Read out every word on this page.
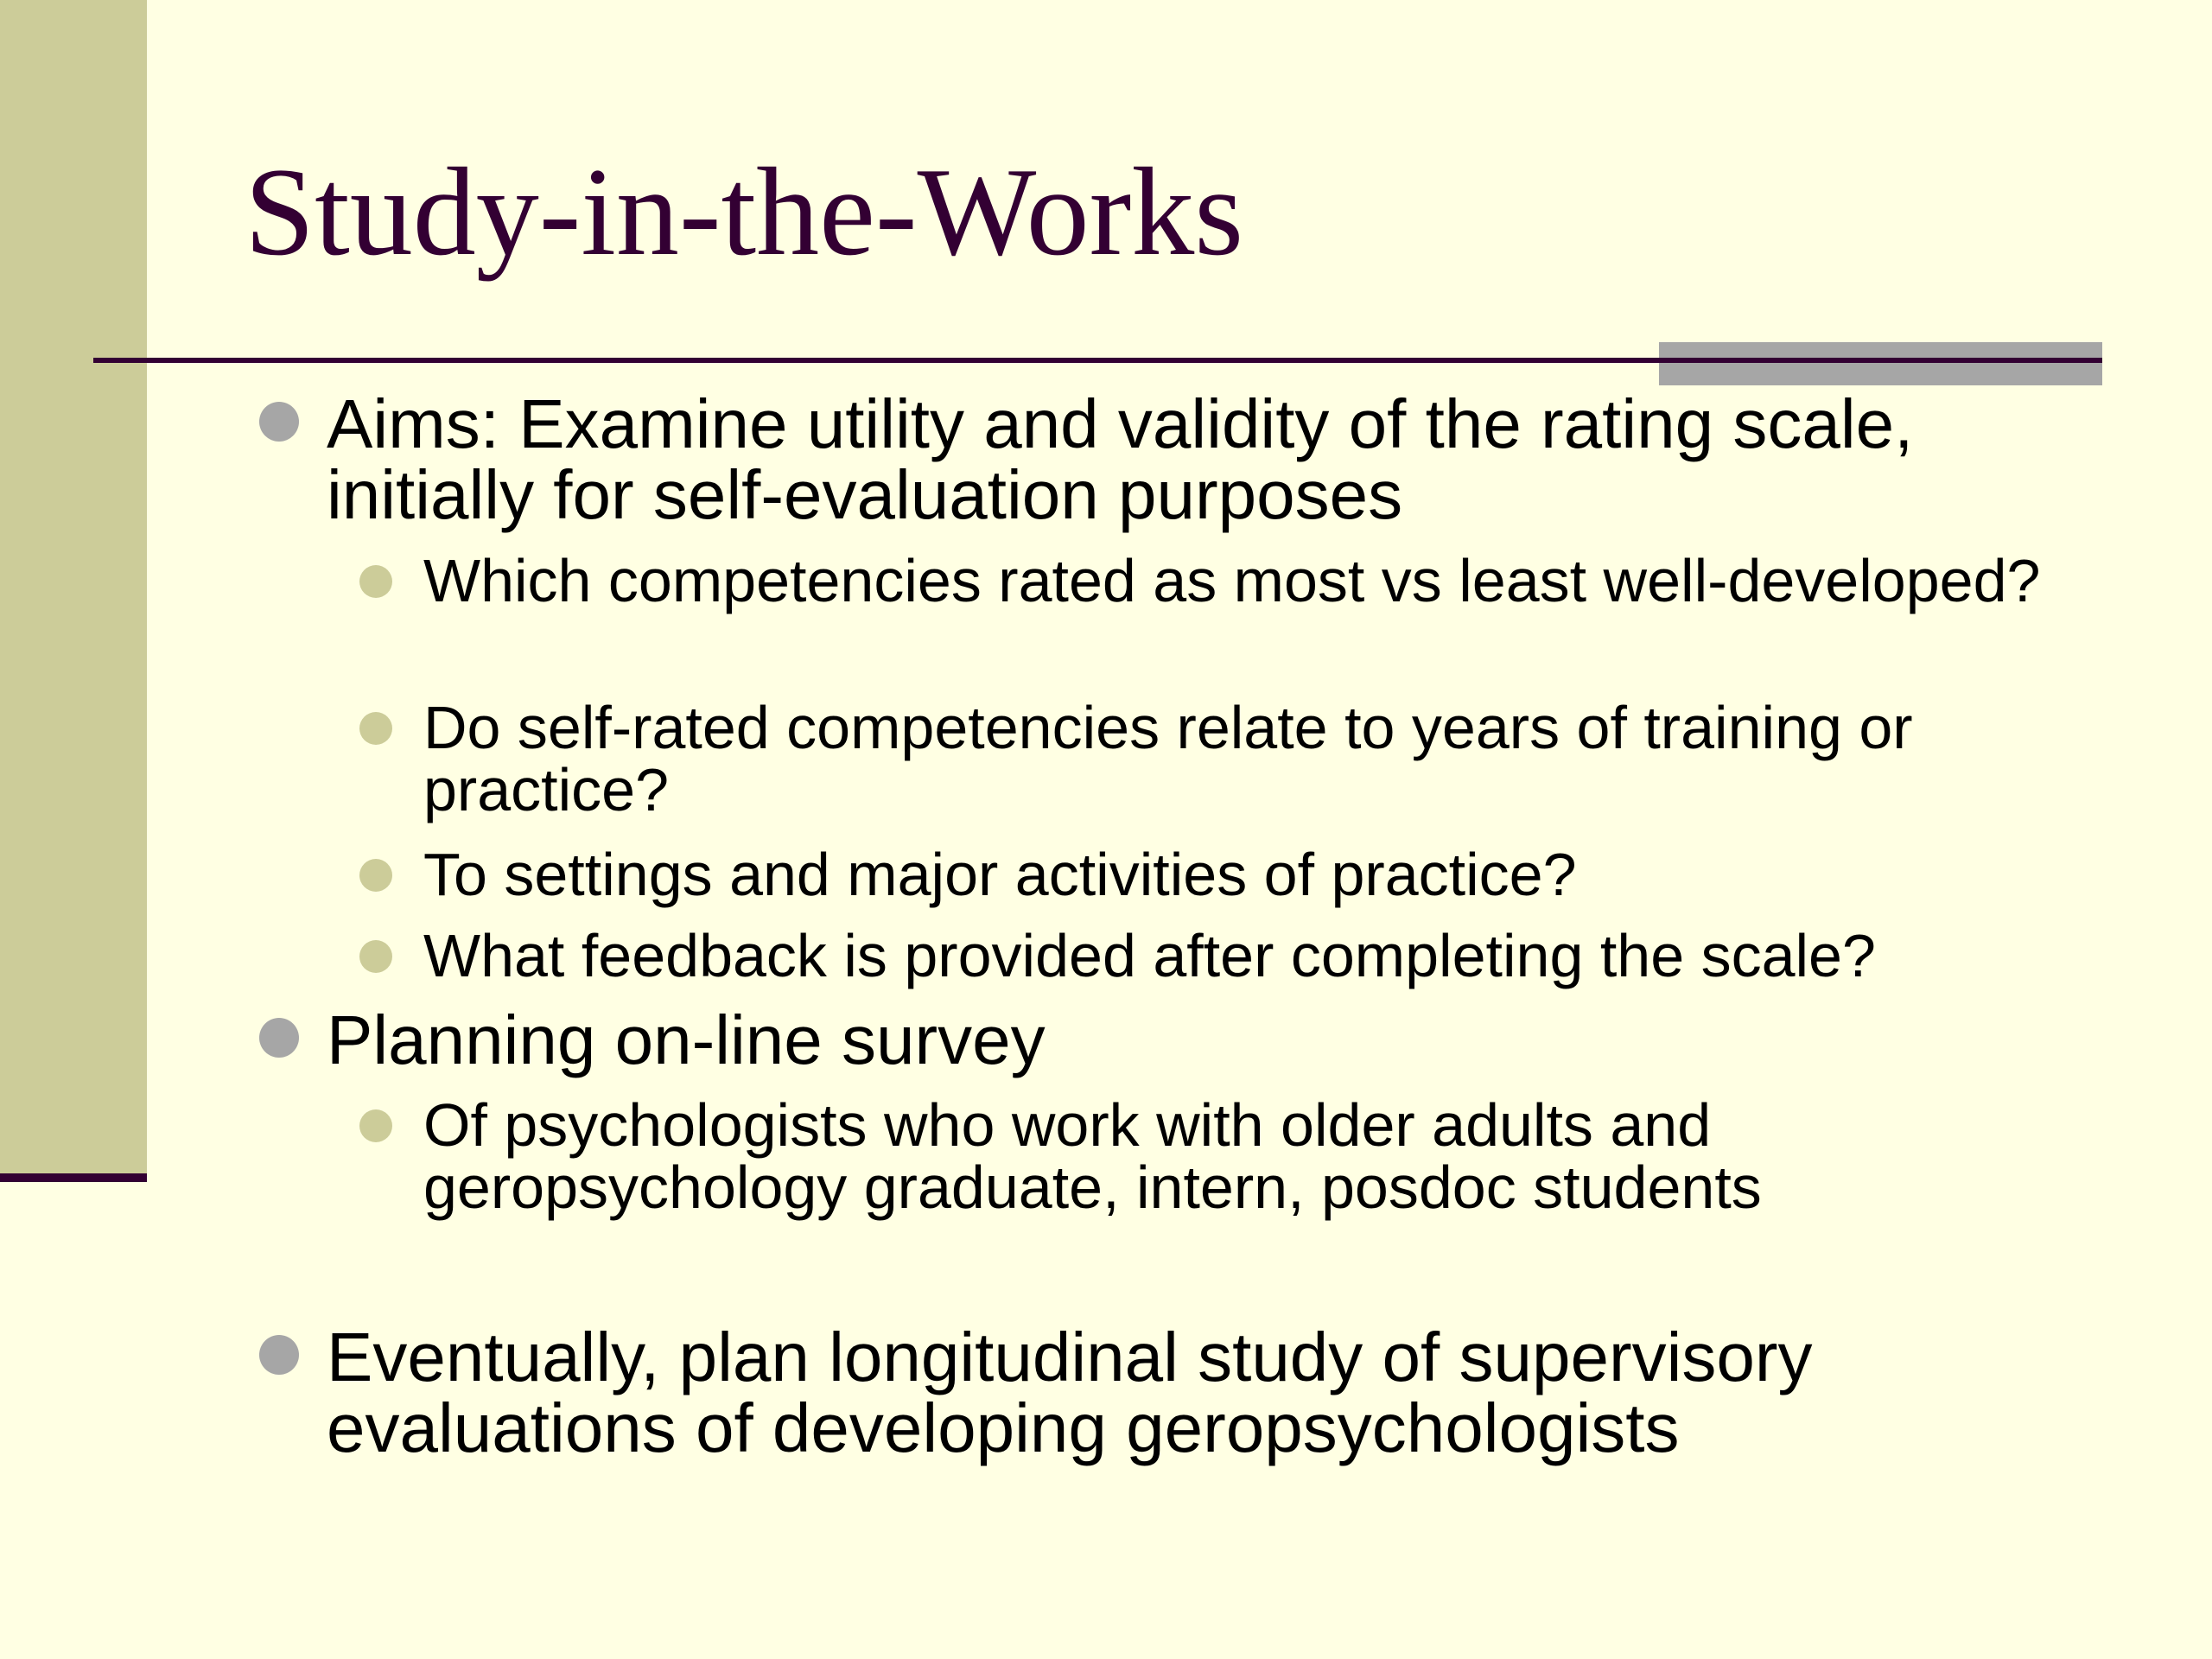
Study-in-the-Works
Aims: Examine utility and validity of the rating scale, initially for self-evaluation purposes
Which competencies rated as most vs least well-developed?
Do self-rated competencies relate to years of training or practice?
To settings and major activities of practice?
What feedback is provided after completing the scale?
Planning on-line survey
Of psychologists who work with older adults and geropsychology graduate, intern, posdoc students
Eventually, plan longitudinal study of supervisory evaluations of developing geropsychologists
